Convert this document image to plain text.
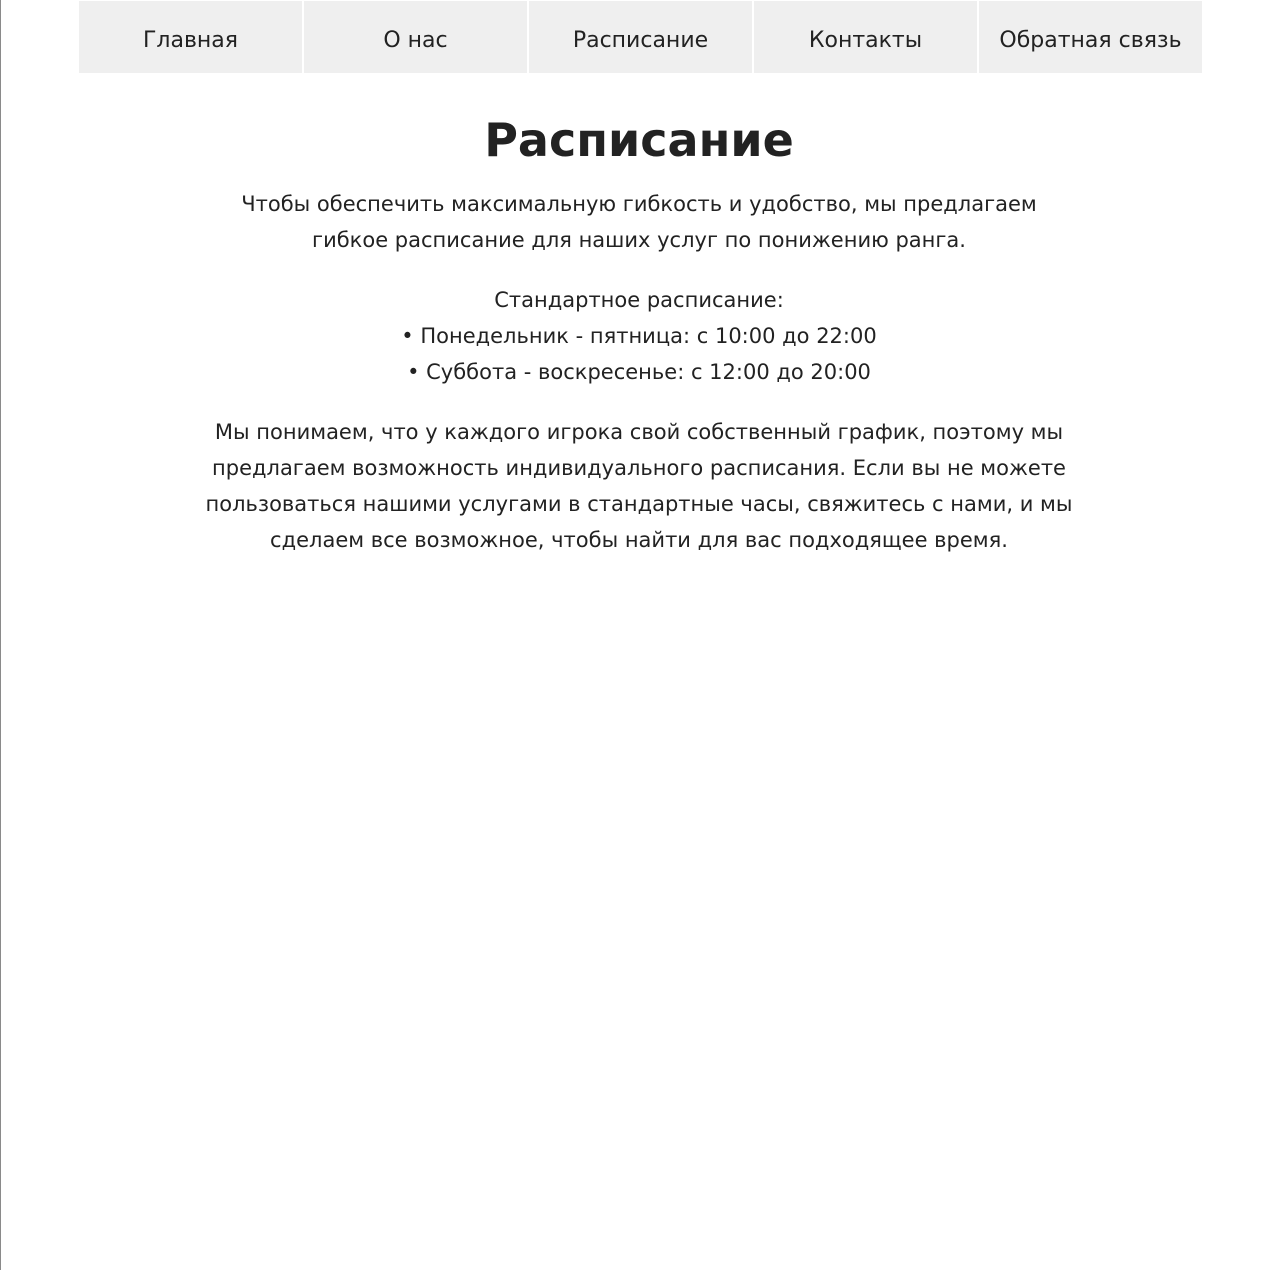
Главная	О нас	Расписание	Контакты	Обратная связь
Расписание

Чтобы обеспечить максимальную гибкость и удобство, мы предлагаем гибкое расписание для наших услуг по понижению ранга.

Стандартное расписание:
• Понедельник - пятница: с 10:00 до 22:00
• Суббота - воскресенье: с 12:00 до 20:00

Мы понимаем, что у каждого игрока свой собственный график, поэтому мы предлагаем возможность индивидуального расписания. Если вы не можете пользоваться нашими услугами в стандартные часы, свяжитесь с нами, и мы сделаем все возможное, чтобы найти для вас подходящее время.
